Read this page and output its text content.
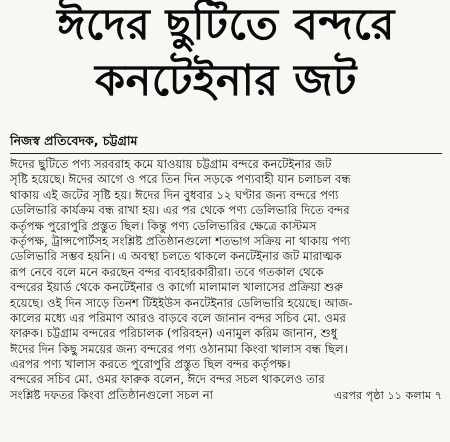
ঈদের ছুটিতে বন্দরে
কনটেইনার জট
নিজস্ব প্রতিবেদক, চট্টগ্রাম
ঈদের ছুটিতে পণ্য সরবরাহ কমে যাওয়ায় চট্টগ্রাম বন্দরে কনটেইনার জট
সৃষ্টি হয়েছে। ঈদের আগে ও পরে তিন দিন সড়কে পণ্যবাহী যান চলাচল বন্ধ
থাকায় এই জটের সৃষ্টি হয়। ঈদের দিন বুধবার ১২ ঘণ্টার জন্য বন্দরে পণ্য
ডেলিভারি কার্যক্রম বন্ধ রাখা হয়। এর পর থেকে পণ্য ডেলিভারি দিতে বন্দর
কর্তৃপক্ষ পুরোপুরি প্রস্তুত ছিল। কিন্তু পণ্য ডেলিভারির ক্ষেত্রে কাস্টমস
কর্তৃপক্ষ, ট্রান্সপোর্টসহ সংশ্লিষ্ট প্রতিষ্ঠানগুলো শতভাগ সক্রিয় না থাকায় পণ্য
ডেলিভারি সম্ভব হয়নি। এ অবস্থা চলতে থাকলে কনটেইনার জট মারাত্মক
রূপ নেবে বলে মনে করছেন বন্দর ব্যবহারকারীরা। তবে গতকাল থেকে
বন্দরের ইয়ার্ড থেকে কনটেইনার ও কার্গো মালামাল খালাসের প্রক্রিয়া শুরু
হয়েছে। ওই দিন সাড়ে তিনশ টিইইউস কনটেইনার ডেলিভারি হয়েছে। আজ-
কালের মধ্যে এর পরিমাণ আরও বাড়বে বলে জানান বন্দর সচিব মো. ওমর
ফারুক। চট্টগ্রাম বন্দরের পরিচালক (পরিবহন) এনামুল করিম জানান, শুধু
ঈদের দিন কিছু সময়ের জন্য বন্দরের পণ্য ওঠানামা কিংবা খালাস বন্ধ ছিল।
এরপর পণ্য খালাস করতে পুরোপুরি প্রস্তুত ছিল বন্দর কর্তৃপক্ষ।
বন্দরের সচিব মো. ওমর ফারুক বলেন, ঈদে বন্দর সচল থাকলেও তার
সংশ্লিষ্ট দফতর কিংবা প্রতিষ্ঠানগুলো সচল না	এরপর পৃষ্ঠা ১১ কলাম ৭
